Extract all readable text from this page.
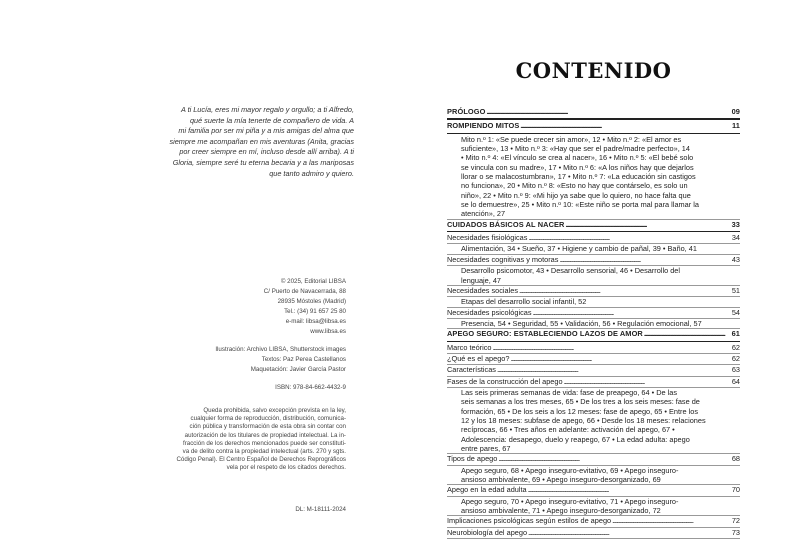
A ti Lucía, eres mi mayor regalo y orgullo; a ti Alfredo,
qué suerte la mía tenerte de compañero de vida. A
mi familia por ser mi piña y a mis amigas del alma que
siempre me acompañan en mis aventuras (Anita, gracias
por creer siempre en mí, incluso desde allí arriba). A ti
Gloria, siempre seré tu eterna becaria y a las mariposas
que tanto admiro y quiero.
© 2025, Editorial LIBSA
C/ Puerto de Navacerrada, 88
28935 Móstoles (Madrid)
Tel.: (34) 91 657 25 80
e-mail: libsa@libsa.es
www.libsa.es
Ilustración: Archivo LIBSA, Shutterstock images
Textos: Paz Perea Castellanos
Maquetación: Javier García Pastor
ISBN: 978-84-662-4432-9
Queda prohibida, salvo excepción prevista en la ley,
cualquier forma de reproducción, distribución, comunica-
ción pública y transformación de esta obra sin contar con
autorización de los titulares de propiedad intelectual. La in-
fracción de los derechos mencionados puede ser constituti-
va de delito contra la propiedad intelectual (arts. 270 y sgts.
Código Penal). El Centro Español de Derechos Reprográficos
vela por el respeto de los citados derechos.
DL: M-18111-2024
CONTENIDO
PRÓLOGO . . .	09
ROMPIENDO MITOS . . .	11
Mito n.º 1: «Se puede crecer sin amor», 12 • Mito n.º 2: «El amor es
suficiente», 13 • Mito n.º 3: «Hay que ser el padre/madre perfecto», 14
• Mito n.º 4: «El vínculo se crea al nacer», 16 • Mito n.º 5: «El bebé solo
se vincula con su madre», 17 • Mito n.º 6: «A los niños hay que dejarlos
llorar o se malacostumbran», 17 • Mito n.º 7: «La educación sin castigos
no funciona», 20 • Mito n.º 8: «Esto no hay que contárselo, es solo un
niño», 22 • Mito n.º 9: «Mi hijo ya sabe que lo quiero, no hace falta que
se lo demuestre», 25 • Mito n.º 10: «Este niño se porta mal para llamar la
atención», 27
CUIDADOS BÁSICOS AL NACER . . .	33
Necesidades fisiológicas . . .	34
Alimentación, 34 • Sueño, 37 • Higiene y cambio de pañal, 39 • Baño, 41
Necesidades cognitivas y motoras . . .	43
Desarrollo psicomotor, 43 • Desarrollo sensorial, 46 • Desarrollo del
lenguaje, 47
Necesidades sociales . . .	51
Etapas del desarrollo social infantil, 52
Necesidades psicológicas . . .	54
Presencia, 54 • Seguridad, 55 • Validación, 56 • Regulación emocional, 57
APEGO SEGURO: ESTABLECIENDO LAZOS DE AMOR . . .	61
Marco teórico . . .	62
¿Qué es el apego? . . .	62
Características . . .	63
Fases de la construcción del apego . . .	64
Las seis primeras semanas de vida: fase de preapego, 64 • De las
seis semanas a los tres meses, 65 • De los tres a los seis meses: fase de
formación, 65 • De los seis a los 12 meses: fase de apego, 65 • Entre los
12 y los 18 meses: subfase de apego, 66 • Desde los 18 meses: relaciones
recíprocas, 66 • Tres años en adelante: activación del apego, 67 •
Adolescencia: desapego, duelo y reapego, 67 • La edad adulta: apego
entre pares, 67
Tipos de apego . . .	68
Apego seguro, 68 • Apego inseguro-evitativo, 69 • Apego inseguro-
ansioso ambivalente, 69 • Apego inseguro-desorganizado, 69
Apego en la edad adulta . . .	70
Apego seguro, 70 • Apego inseguro-evitativo, 71 • Apego inseguro-
ansioso ambivalente, 71 • Apego inseguro-desorganizado, 72
Implicaciones psicológicas según estilos de apego . . .	72
Neurobiología del apego . . .	73
